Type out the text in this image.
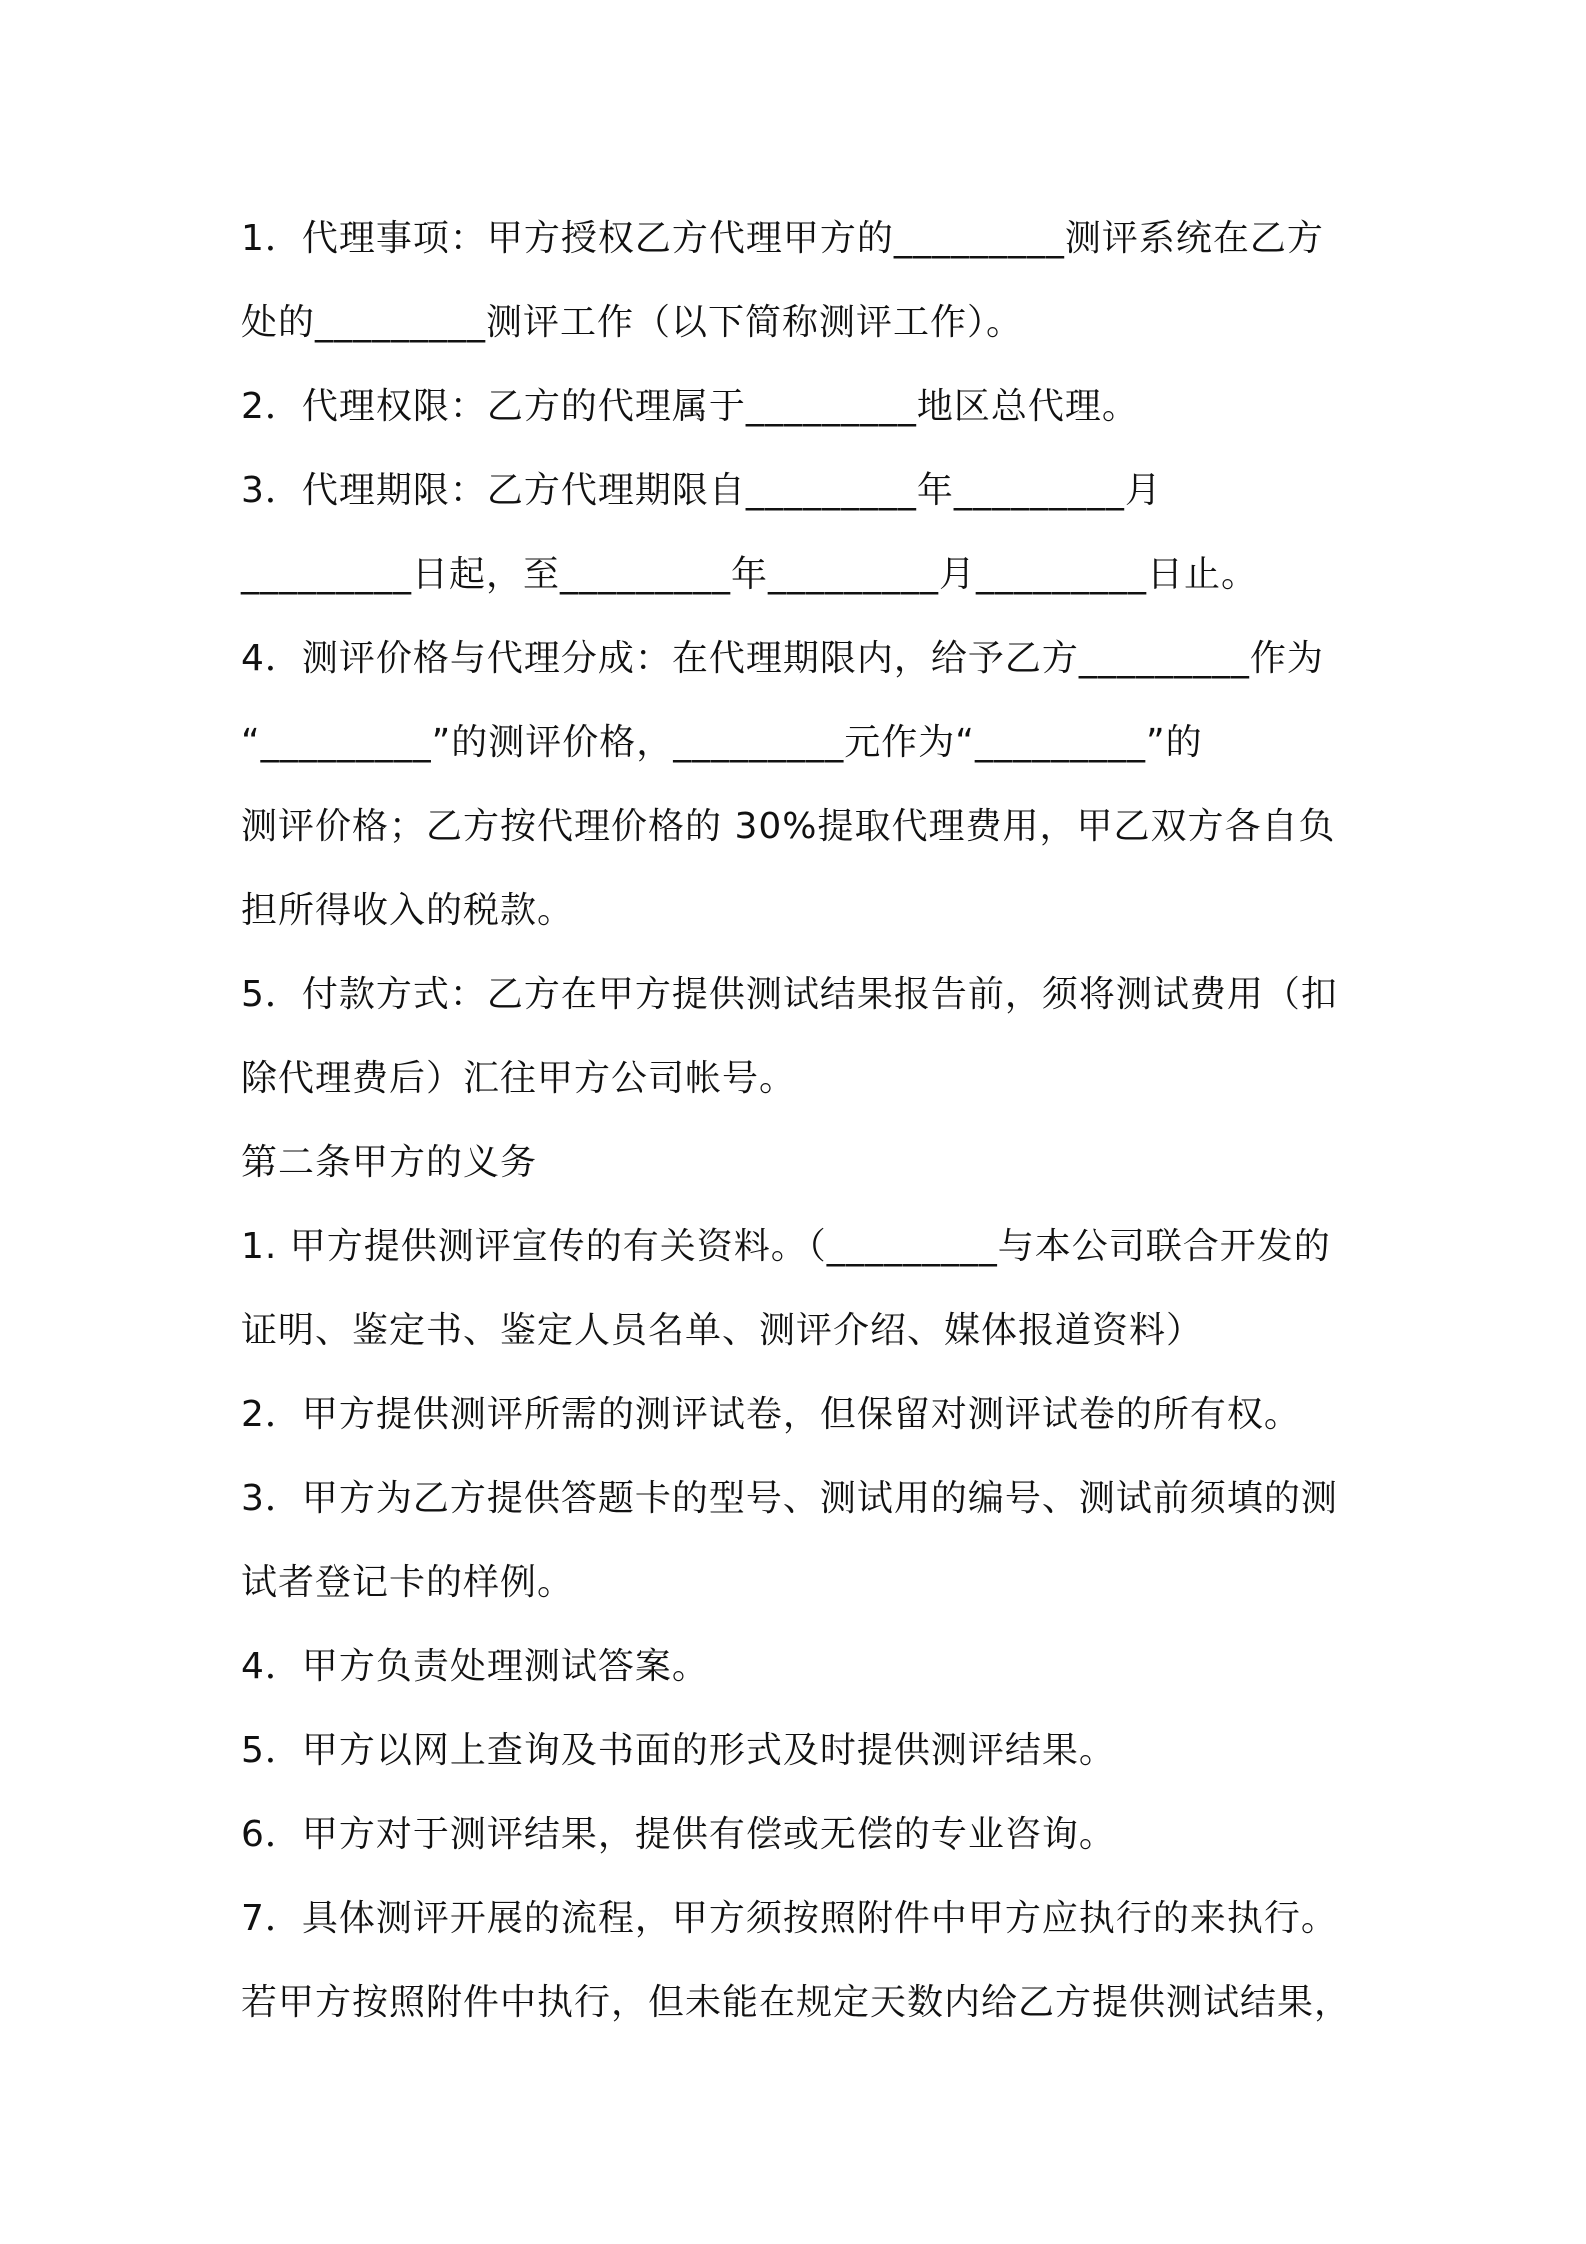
1．代理事项：甲方授权乙方代理甲方的_________测评系统在乙方
处的_________测评工作（以下简称测评工作）。
2．代理权限：乙方的代理属于_________地区总代理。
3．代理期限：乙方代理期限自_________年_________月
_________日起，至_________年_________月_________日止。
4．测评价格与代理分成：在代理期限内，给予乙方_________作为
“_________”的测评价格，_________元作为“_________”的
测评价格；乙方按代理价格的 30%提取代理费用，甲乙双方各自负
担所得收入的税款。
5．付款方式：乙方在甲方提供测试结果报告前，须将测试费用（扣
除代理费后）汇往甲方公司帐号。
第二条甲方的义务
1. 甲方提供测评宣传的有关资料。（_________与本公司联合开发的
证明、鉴定书、鉴定人员名单、测评介绍、媒体报道资料）
2．甲方提供测评所需的测评试卷，但保留对测评试卷的所有权。
3．甲方为乙方提供答题卡的型号、测试用的编号、测试前须填的测
试者登记卡的样例。
4．甲方负责处理测试答案。
5．甲方以网上查询及书面的形式及时提供测评结果。
6．甲方对于测评结果，提供有偿或无偿的专业咨询。
7．具体测评开展的流程，甲方须按照附件中甲方应执行的来执行。
若甲方按照附件中执行，但未能在规定天数内给乙方提供测试结果，
